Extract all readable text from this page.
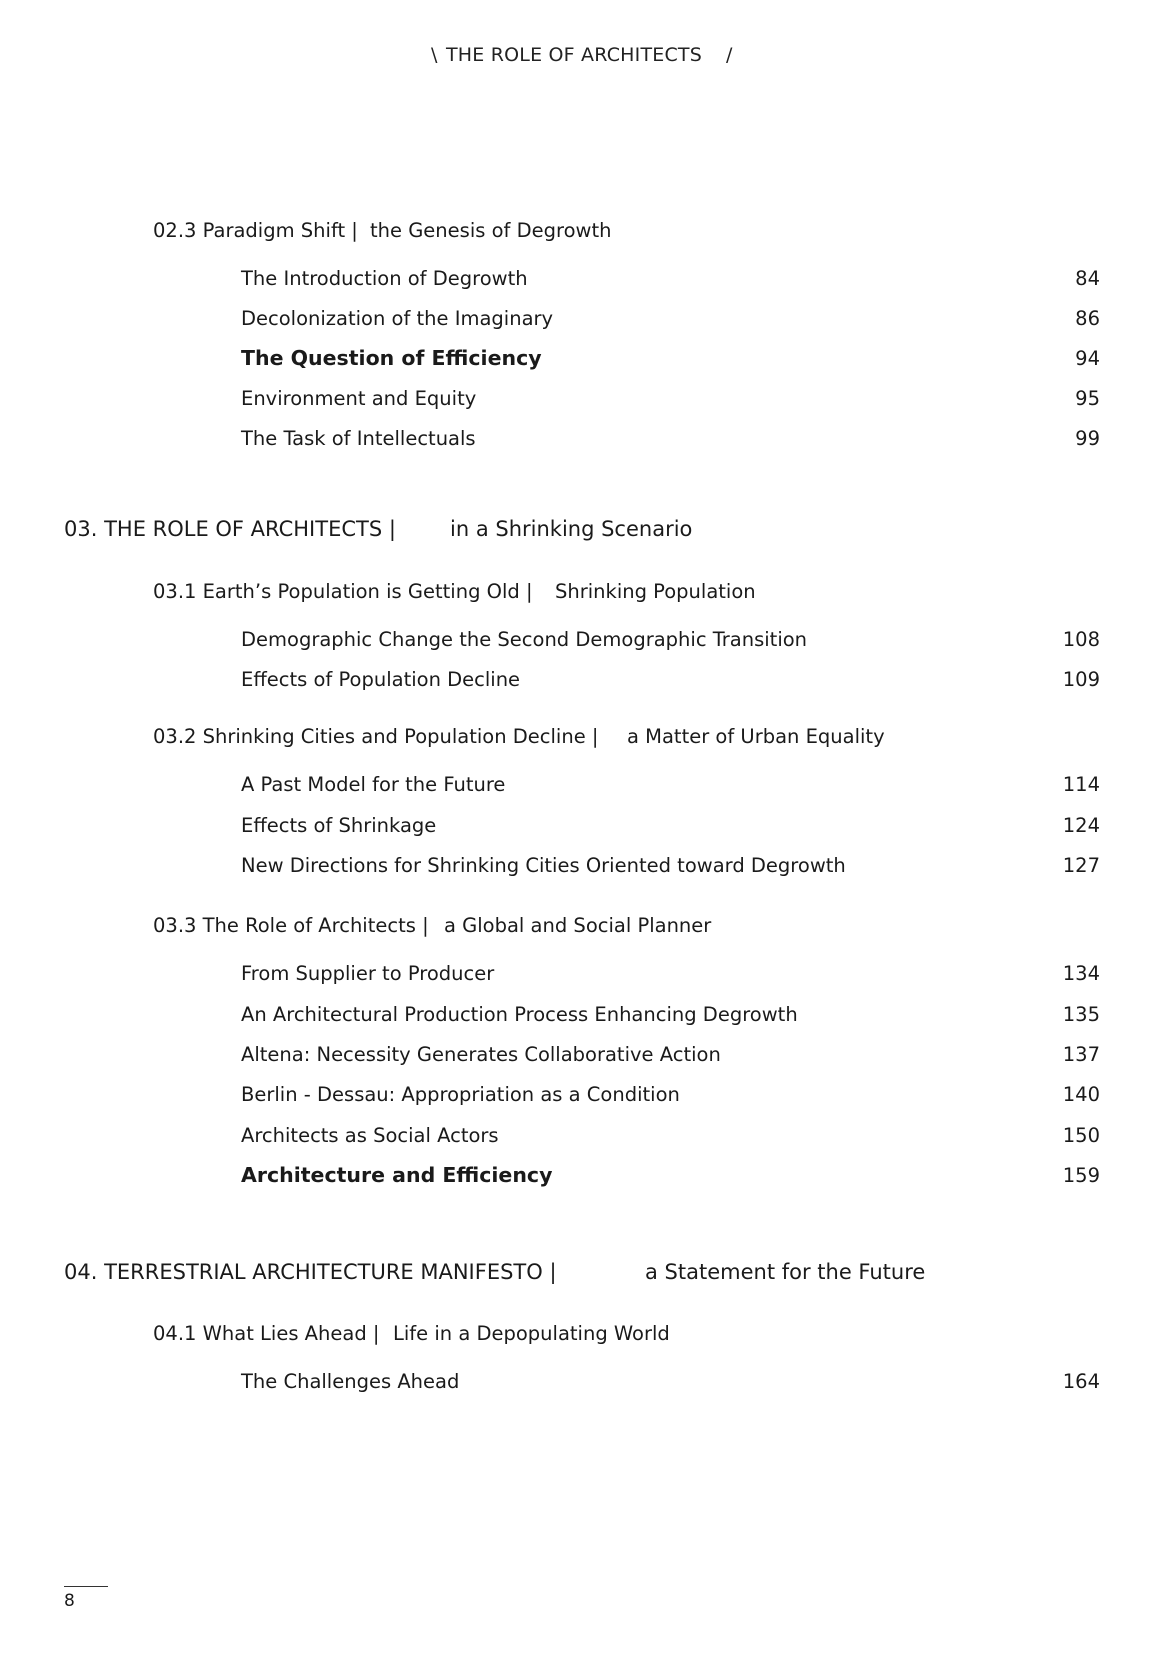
\ THE ROLE OF ARCHITECTS /
02.3 Paradigm Shift | the Genesis of Degrowth
The Introduction of Degrowth	84
Decolonization of the Imaginary	86
The Question of Efficiency	94
Environment and Equity	95
The Task of Intellectuals	99
03. THE ROLE OF ARCHITECTS |	in a Shrinking Scenario
03.1 Earth’s Population is Getting Old | Shrinking Population
Demographic Change the Second Demographic Transition	108
Effects of Population Decline	109
03.2 Shrinking Cities and Population Decline | a Matter of Urban Equality
A Past Model for the Future	114
Effects of Shrinkage	124
New Directions for Shrinking Cities Oriented toward Degrowth	127
03.3 The Role of Architects | a Global and Social Planner
From Supplier to Producer	134
An Architectural Production Process Enhancing Degrowth	135
Altena: Necessity Generates Collaborative Action	137
Berlin - Dessau: Appropriation as a Condition	140
Architects as Social Actors	150
Architecture and Efficiency	159
04. TERRESTRIAL ARCHITECTURE MANIFESTO |	a Statement for the Future
04.1 What Lies Ahead | Life in a Depopulating World
The Challenges Ahead	164
8
